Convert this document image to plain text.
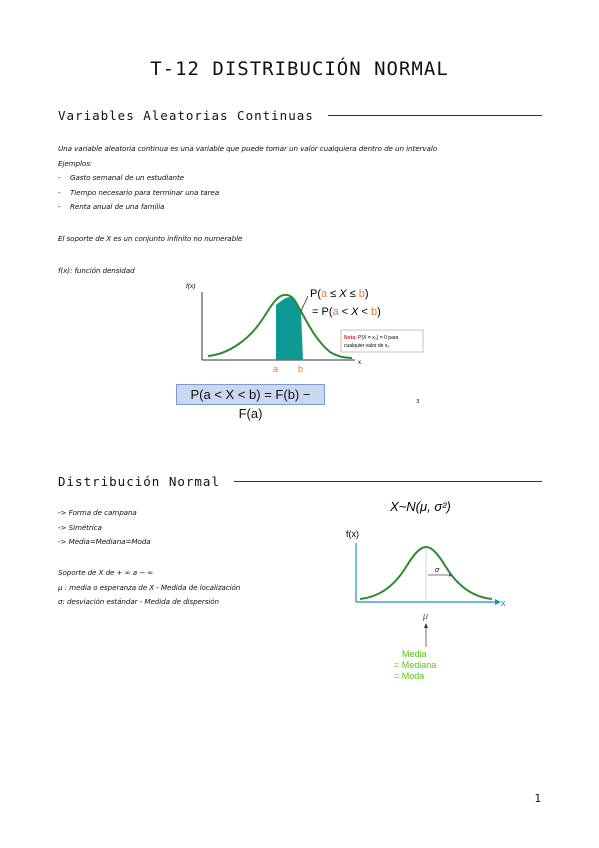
T-12 DISTRIBUCIÓN NORMAL
Variables Aleatorias Continuas
Una variable aleatoria continua es una variable que puede tomar un valor cualquiera dentro de un intervalo
Ejemplos:
- Gasto semanal de un estudiante
- Tiempo necesario para terminar una tarea
- Renta anual de una familia
El soporte de X es un conjunto infinito no numerable
f(x): función densidad
f(x)
x
a b
P(a ≤ X ≤ b)
= P(a < X < b)
Nota: P(X = x₀) = 0 para
cualquier valor de x₀
P(a < X < b) = F(b) − F(a)
3
Distribución Normal
-> Forma de campana
-> Simétrica
-> Media=Mediana=Moda
Soporte de X de + ∞ a − ∞
μ : media o esperanza de X - Medida de localización
σ: desviación estándar - Medida de dispersión
X~N(μ, σ²)
f(x)
x
σ
μ
Media
= Mediana
= Moda
1
